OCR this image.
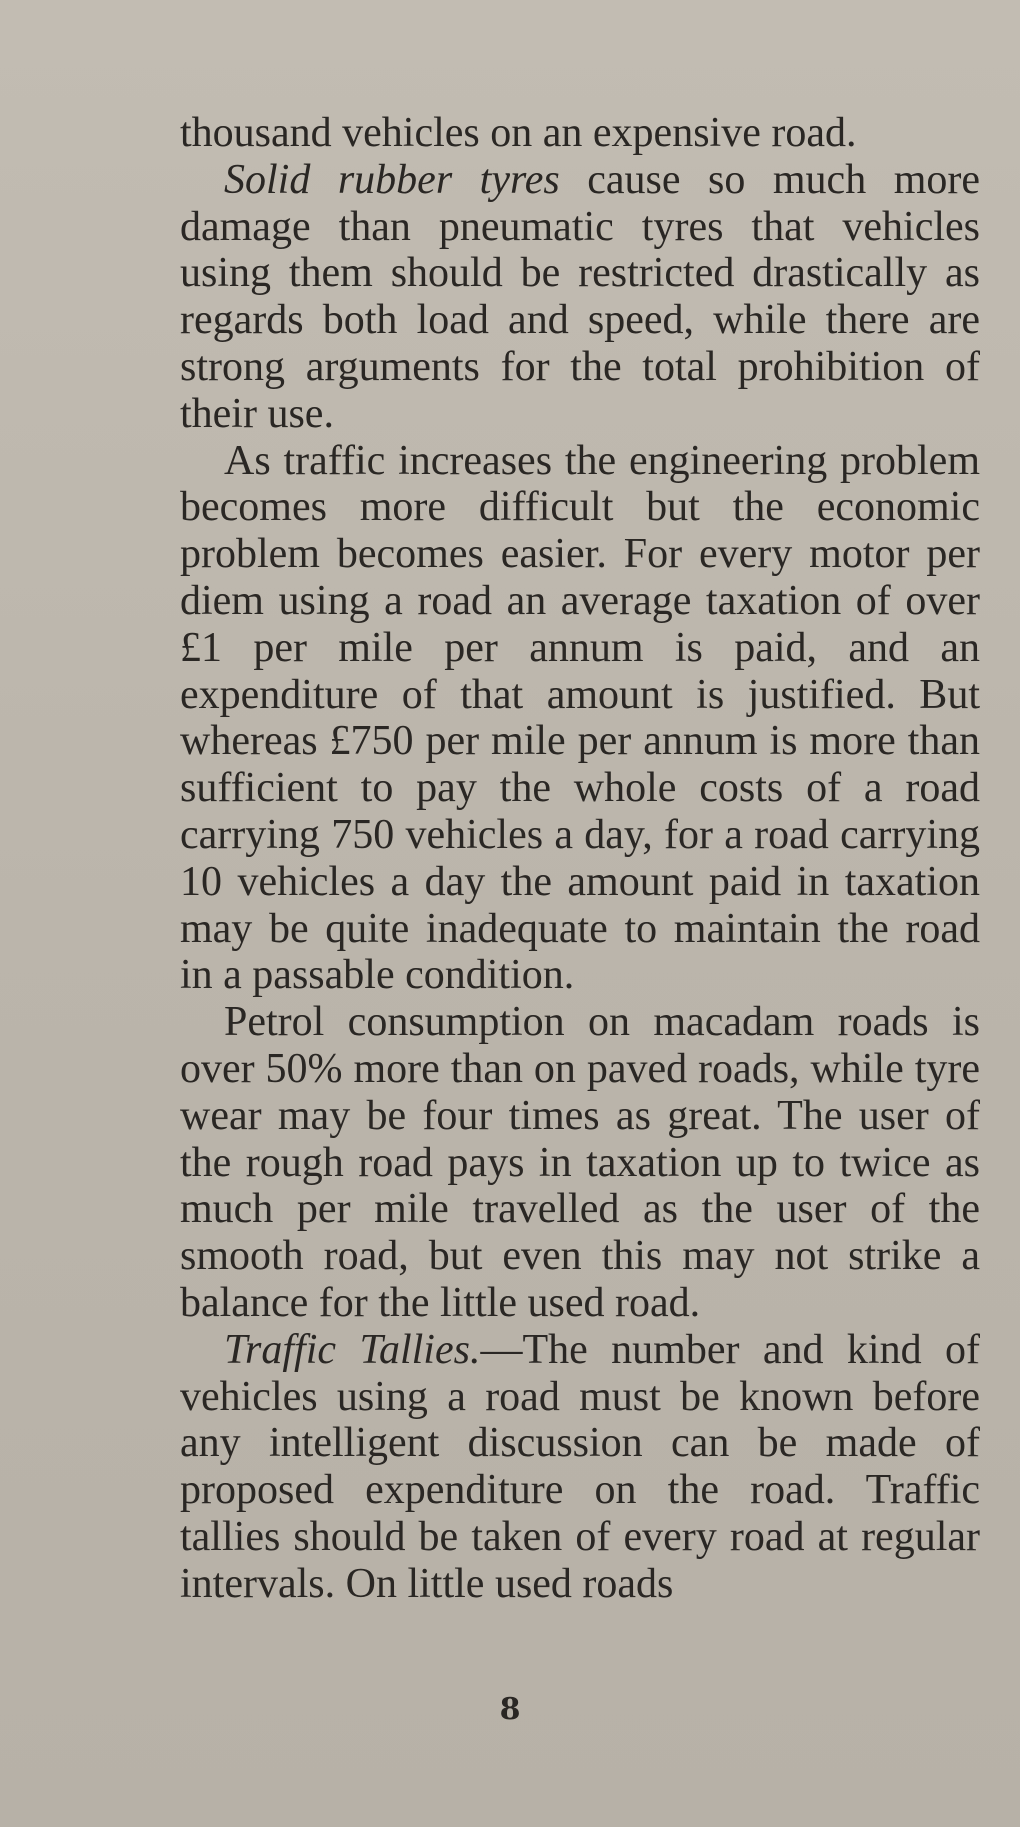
thousand vehicles on an expensive road.

Solid rubber tyres cause so much more damage than pneumatic tyres that vehicles using them should be restricted drastically as regards both load and speed, while there are strong arguments for the total prohibition of their use.

As traffic increases the engineering problem becomes more difficult but the economic problem becomes easier. For every motor per diem using a road an average taxation of over £1 per mile per annum is paid, and an expenditure of that amount is justified. But whereas £750 per mile per annum is more than sufficient to pay the whole costs of a road carrying 750 vehicles a day, for a road carrying 10 vehicles a day the amount paid in taxation may be quite inadequate to maintain the road in a passable condition.

Petrol consumption on macadam roads is over 50% more than on paved roads, while tyre wear may be four times as great. The user of the rough road pays in taxation up to twice as much per mile travelled as the user of the smooth road, but even this may not strike a balance for the little used road.

Traffic Tallies.—The number and kind of vehicles using a road must be known before any intelligent discussion can be made of proposed expenditure on the road. Traffic tallies should be taken of every road at regular intervals. On little used roads

8
